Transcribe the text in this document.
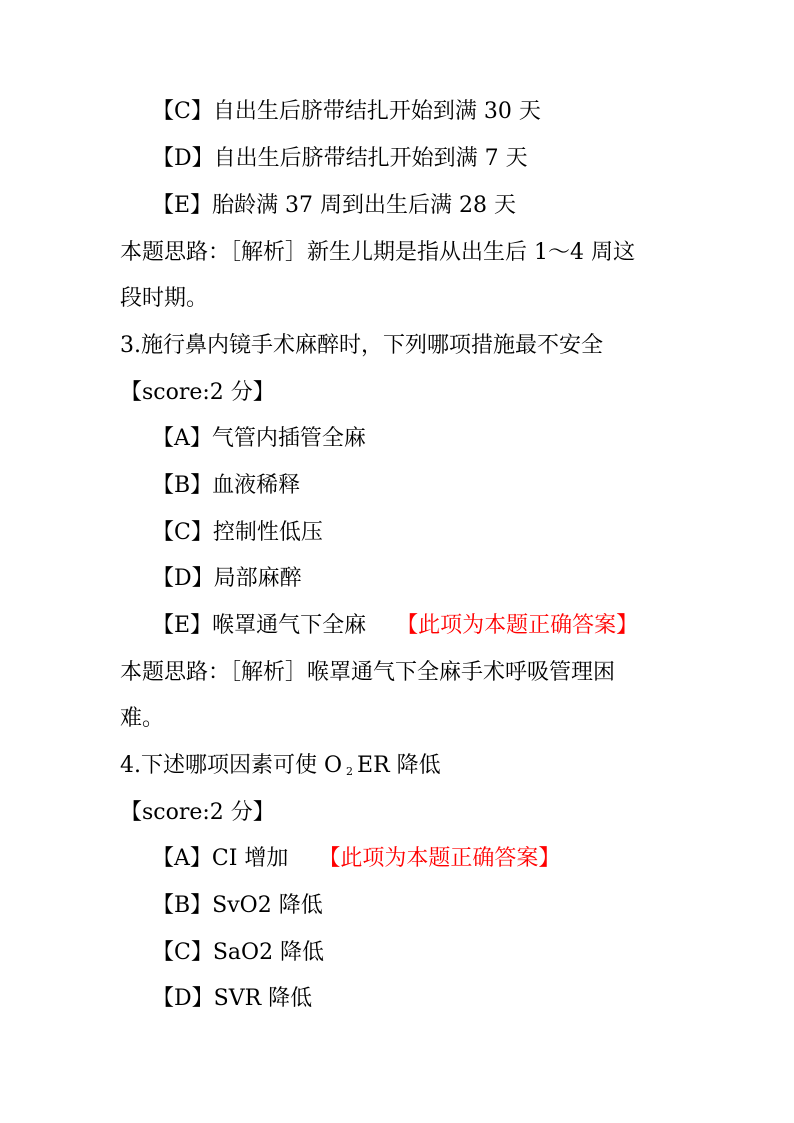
【C】自出生后脐带结扎开始到满 30 天
【D】自出生后脐带结扎开始到满 7 天
【E】胎龄满 37 周到出生后满 28 天
本题思路：［解析］新生儿期是指从出生后 1～4 周这
段时期。
3.施行鼻内镜手术麻醉时，下列哪项措施最不安全
【score:2 分】
【A】气管内插管全麻
【B】血液稀释
【C】控制性低压
【D】局部麻醉
【E】喉罩通气下全麻 【此项为本题正确答案】
本题思路：［解析］喉罩通气下全麻手术呼吸管理困
难。
4.下述哪项因素可使 O $_2$ ER 降低
【score:2 分】
【A】CI 增加 【此项为本题正确答案】
【B】SvO2 降低
【C】SaO2 降低
【D】SVR 降低
